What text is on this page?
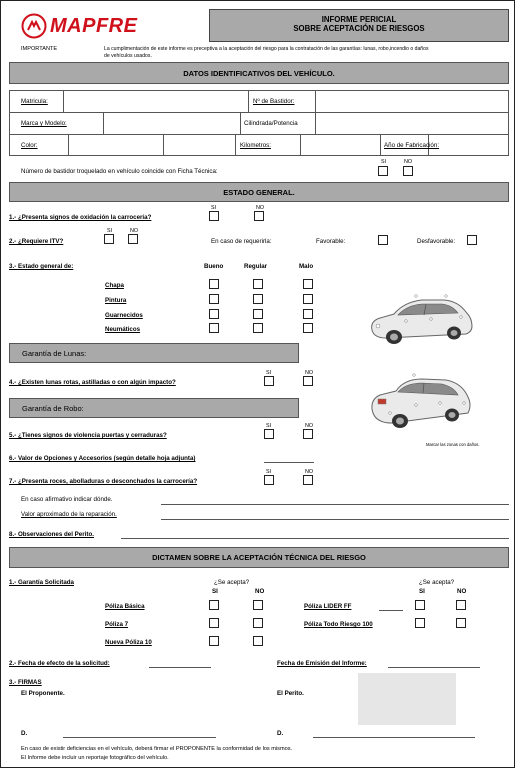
MAPFRE	INFORME PERICIAL
SOBRE ACEPTACIÓN DE RIESGOS
IMPORTANTE	La cumplimentación de este informe es preceptiva a la aceptación del riesgo para la contratación de las garantías: lunas, robo,incendio o daños
de vehículos usados.
DATOS IDENTIFICATIVOS DEL VEHÍCULO.
Matricula:	Nº de Bastidor:
Marca y Modelo:	Cilindrada/Potencia
Color:	Kilometros:	Año de Fabricación:
SI	NO
Número de bastidor troquelado en vehículo coincide con Ficha Técnica:
ESTADO GENERAL.
SI	NO
1.- ¿Presenta signos de oxidación la carrocería?
SI	NO
2.- ¿Requiere ITV?	En caso de requerirla:	Favorable:	Desfavorable:
3.- Estado general de:	Bueno	Regular	Malo
Chapa
Pintura
Guarnecidos
Neumáticos
Garantía de Lunas:
SI	NO
4.- ¿Existen lunas rotas, astilladas o con algún impacto?
Garantía de Robo:
SI	NO
5.- ¿Tienes signos de violencia puertas y cerraduras?
Marcar las zonas con daños.
6.- Valor de Opciones y Accesorios (según detalle hoja adjunta)
SI	NO
7.- ¿Presenta roces, abolladuras o desconchados la carrocería?
En caso afirmativo indicar dónde.
Valor aproximado de la reparación.
8.- Observaciones del Perito.
DICTAMEN SOBRE LA ACEPTACIÓN TÉCNICA DEL RIESGO
1.- Garantía Solicitada	¿Se acepta?	¿Se acepta?
SI	NO	SI	NO
Póliza Básica	Póliza LIDER FF
Póliza 7	Póliza Todo Riesgo 100
Nueva Póliza 10
2.- Fecha de efecto de la solicitud:	Fecha de Emisión del Informe:
3.- FIRMAS
El Proponente.	El Perito.
D.	D.
En caso de existir deficiencias en el vehículo, deberá firmar el PROPONENTE la conformidad de los mismos.
El Informe debe incluir un reportaje fotográfico del vehículo.
